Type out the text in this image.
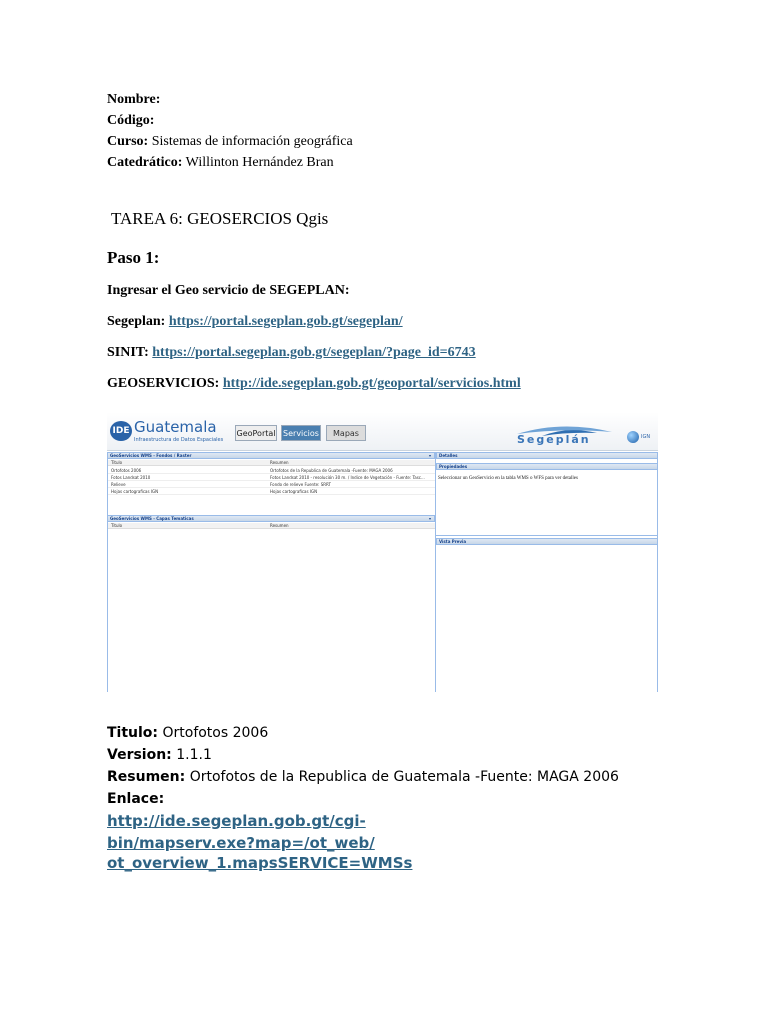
Nombre:
Código:
Curso: Sistemas de información geográfica
Catedrático: Willinton Hernández Bran
TAREA 6: GEOSERCIOS Qgis
Paso 1:
Ingresar el Geo servicio de SEGEPLAN:
Segeplan: https://portal.segeplan.gob.gt/segeplan/
SINIT: https://portal.segeplan.gob.gt/segeplan/?page_id=6743
GEOSERVICIOS: http://ide.segeplan.gob.gt/geoportal/servicios.html
IDE Guatemala
Infraestructura de Datos Espaciales
GeoPortal Servicios	Mapas	Segeplán	IGN
GeoServicios WMS - Fondos / Raster	▾
Titulo	Resumen
Ortofotos 2006	Ortofotos de la Republica de Guatemala -Fuente: MAGA 2006
Fotos Landsat 2010	Fotos Landsat 2010 - resolución 30 m. / Indice de Vegetación - Fuente: Tasc...
Relieve	Fondo de relieve Fuente: SRRT
Hojas cartograficas IGN	Hojas cartograficas IGN
GeoServicios WMS - Capas Tematicas	▾
Titulo	Resumen
Detalles
Propiedades
Seleccionar un GeoServicio en la tabla WMS o WFS para ver detalles
Vista Previa
Titulo: Ortofotos 2006
Version: 1.1.1
Resumen: Ortofotos de la Republica de Guatemala -Fuente: MAGA 2006
Enlace:
http://ide.segeplan.gob.gt/cgi-
bin/mapserv.exe?map=/ot_web/
ot_overview_1.mapsSERVICE=WMSs
